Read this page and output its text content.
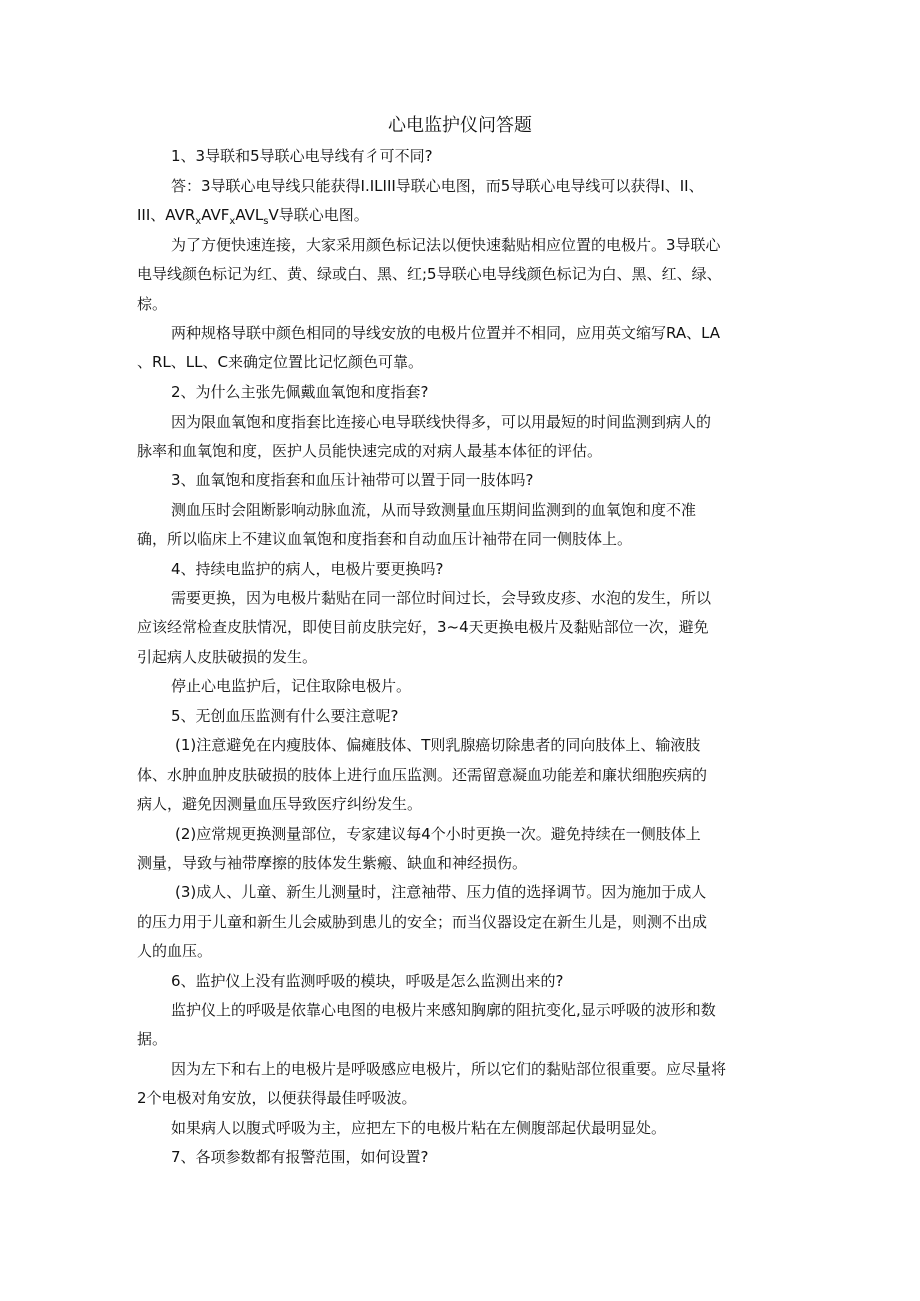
心电监护仪问答题
1、3导联和5导联心电导线有彳可不同?
答：3导联心电导线只能获得I.ILIII导联心电图，而5导联心电导线可以获得I、II、
III、$AVR_xAVF_xAVL_sV$导联心电图。
为了方便快速连接，大家采用颜色标记法以便快速黏贴相应位置的电极片。3导联心
电导线颜色标记为红、黄、绿或白、黑、红;5导联心电导线颜色标记为白、黑、红、绿、
棕。
两种规格导联中颜色相同的导线安放的电极片位置并不相同，应用英文缩写RA、LA
、RL、LL、C来确定位置比记忆颜色可靠。
2、为什么主张先佩戴血氧饱和度指套?
因为限血氧饱和度指套比连接心电导联线快得多，可以用最短的时间监测到病人的
脉率和血氧饱和度，医护人员能快速完成的对病人最基本体征的评估。
3、血氧饱和度指套和血压计袖带可以置于同一肢体吗?
测血压时会阻断影响动脉血流，从而导致测量血压期间监测到的血氧饱和度不准
确，所以临床上不建议血氧饱和度指套和自动血压计袖带在同一侧肢体上。
4、持续电监护的病人，电极片要更换吗?
需要更换，因为电极片黏贴在同一部位时间过长，会导致皮疹、水泡的发生，所以
应该经常检查皮肤情况，即使目前皮肤完好，3~4天更换电极片及黏贴部位一次，避免
引起病人皮肤破损的发生。
停止心电监护后，记住取除电极片。
5、无创血压监测有什么要注意呢?
(1)注意避免在内瘦肢体、偏瘫肢体、T则乳腺癌切除患者的同向肢体上、输液肢
体、水肿血肿皮肤破损的肢体上进行血压监测。还需留意凝血功能差和廉状细胞疾病的
病人，避免因测量血压导致医疗纠纷发生。
(2)应常规更换测量部位，专家建议每4个小时更换一次。避免持续在一侧肢体上
测量，导致与袖带摩擦的肢体发生紫瘢、缺血和神经损伤。
(3)成人、儿童、新生儿测量时，注意袖带、压力值的选择调节。因为施加于成人
的压力用于儿童和新生儿会威胁到患儿的安全；而当仪器设定在新生儿是，则测不出成
人的血压。
6、监护仪上没有监测呼吸的模块，呼吸是怎么监测出来的?
监护仪上的呼吸是依靠心电图的电极片来感知胸廓的阻抗变化,显示呼吸的波形和数
据。
因为左下和右上的电极片是呼吸感应电极片，所以它们的黏贴部位很重要。应尽量将
2个电极对角安放，以便获得最佳呼吸波。
如果病人以腹式呼吸为主，应把左下的电极片粘在左侧腹部起伏最明显处。
7、各项参数都有报警范围，如何设置?
